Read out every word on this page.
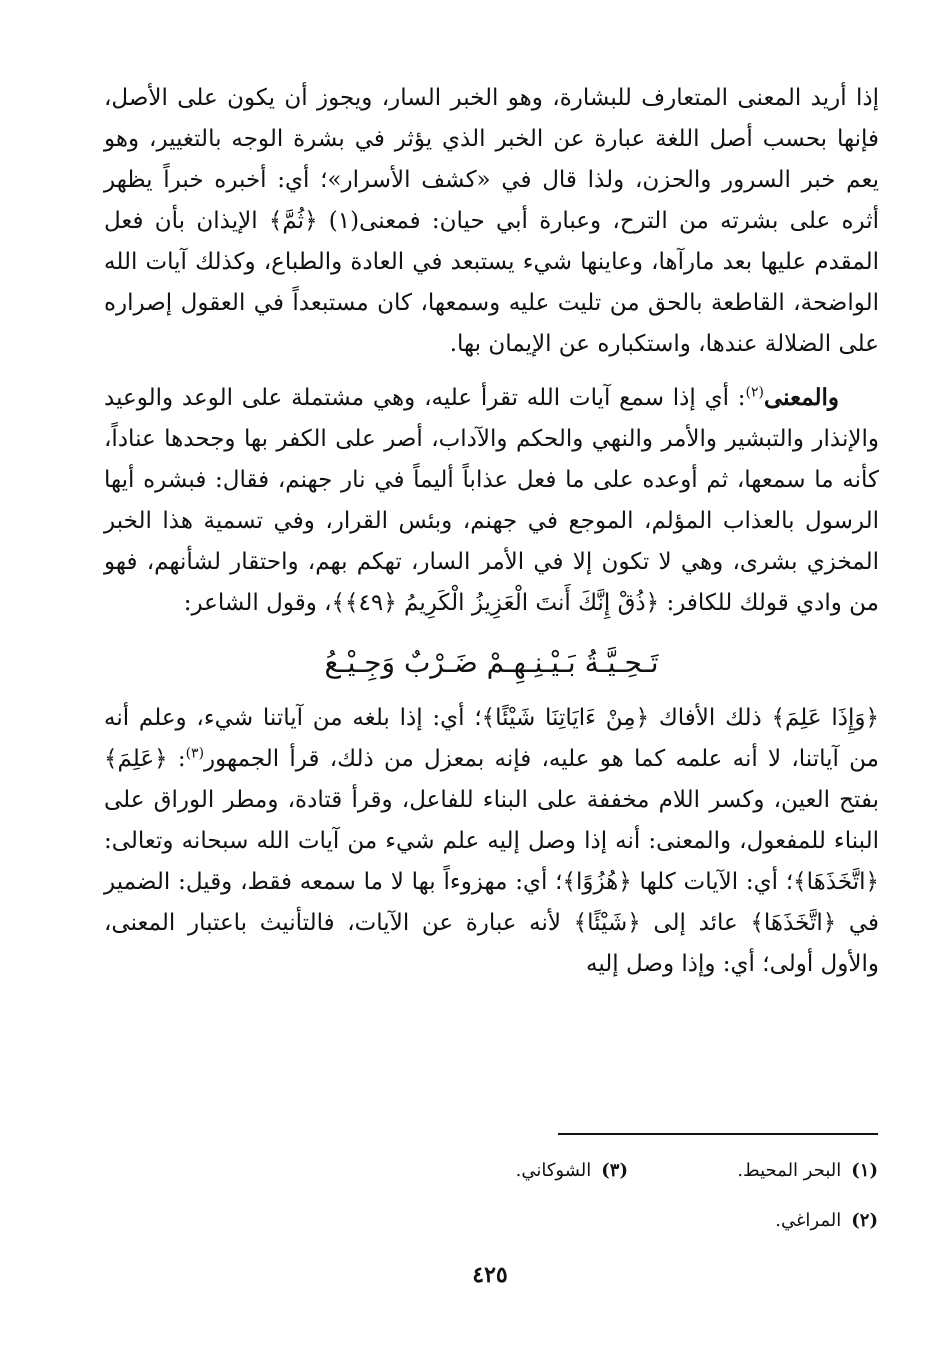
إذا أريد المعنى المتعارف للبشارة، وهو الخبر السار، ويجوز أن يكون على الأصل، فإنها بحسب أصل اللغة عبارة عن الخبر الذي يؤثر في بشرة الوجه بالتغيير، وهو يعم خبر السرور والحزن، ولذا قال في «كشف الأسرار»؛ أي: أخبره خبراً يظهر أثره على بشرته من الترح، وعبارة أبي حيان: فمعنى(١) ﴿ثُمَّ﴾ الإيذان بأن فعل المقدم عليها بعد مارآها، وعاينها شيء يستبعد في العادة والطباع، وكذلك آيات الله الواضحة، القاطعة بالحق من تليت عليه وسمعها، كان مستبعداً في العقول إصراره على الضلالة عندها، واستكباره عن الإيمان بها.

والمعنى$^{(٢)}$: أي إذا سمع آيات الله تقرأ عليه، وهي مشتملة على الوعد والوعيد والإنذار والتبشير والأمر والنهي والحكم والآداب، أصر على الكفر بها وجحدها عناداً، كأنه ما سمعها، ثم أوعده على ما فعل عذاباً أليماً في نار جهنم، فقال: فبشره أيها الرسول بالعذاب المؤلم، الموجع في جهنم، وبئس القرار، وفي تسمية هذا الخبر المخزي بشرى، وهي لا تكون إلا في الأمر السار، تهكم بهم، واحتقار لشأنهم، فهو من وادي قولك للكافر: ﴿ذُقْ إِنَّكَ أَنتَ الْعَزِيزُ الْكَرِيمُ ﴿٤٩﴾﴾، وقول الشاعر:

تَـحِـيَّـةُ بَـيْـنِـهِـمْ ضَـرْبٌ وَجِـيْـعُ

﴿وَإِذَا عَلِمَ﴾ ذلك الأفاك ﴿مِنْ ءَايَاتِنَا شَيْئًا﴾؛ أي: إذا بلغه من آياتنا شيء، وعلم أنه من آياتنا، لا أنه علمه كما هو عليه، فإنه بمعزل من ذلك، قرأ الجمهور$^{(٣)}$: ﴿عَلِمَ﴾ بفتح العين، وكسر اللام مخففة على البناء للفاعل، وقرأ قتادة، ومطر الوراق على البناء للمفعول، والمعنى: أنه إذا وصل إليه علم شيء من آيات الله سبحانه وتعالى: ﴿اتَّخَذَهَا﴾؛ أي: الآيات كلها ﴿هُزُوًا﴾؛ أي: مهزوءاً بها لا ما سمعه فقط، وقيل: الضمير في ﴿اتَّخَذَهَا﴾ عائد إلى ﴿شَيْئًا﴾ لأنه عبارة عن الآيات، فالتأنيث باعتبار المعنى، والأول أولى؛ أي: وإذا وصل إليه

(١)البحر المحيط.
(٣)الشوكاني.
(٢)المراغي.
٤٢٥
